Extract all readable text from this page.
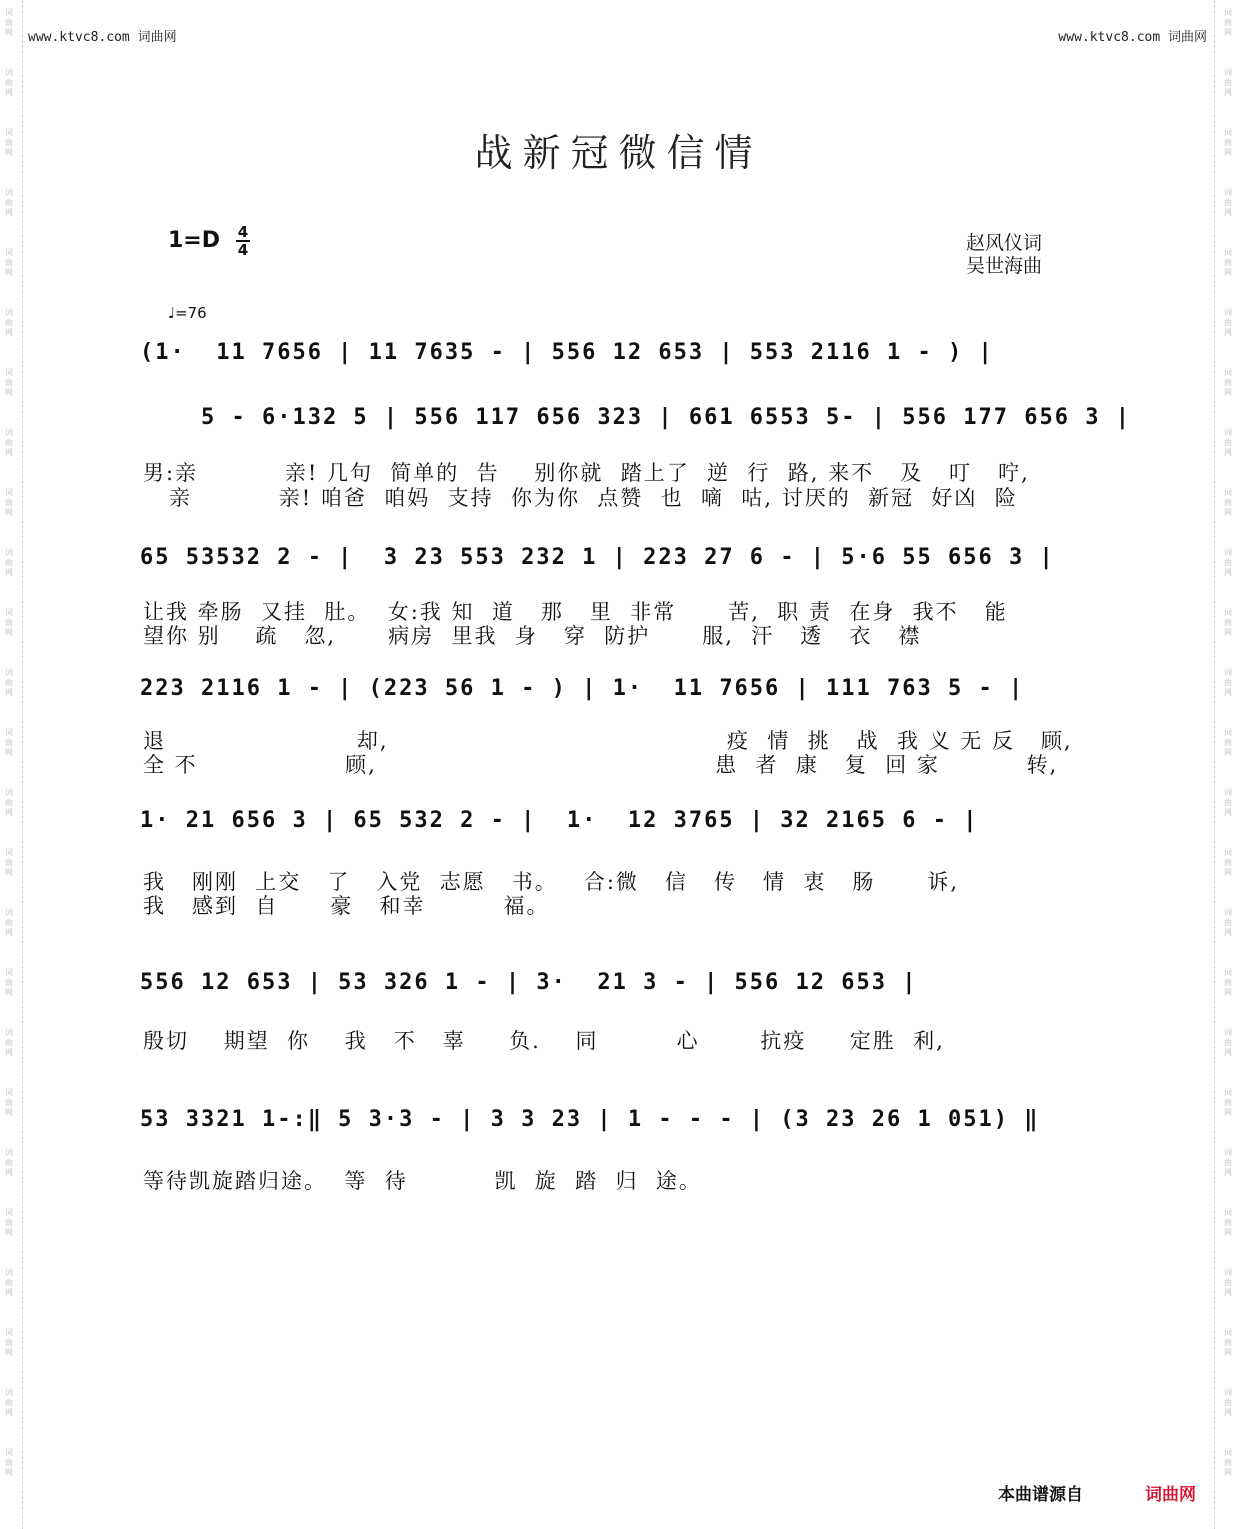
词
曲
网
词
曲
网
词
曲
网
词
曲
网
词
曲
网
词
曲
网
词
曲
网
词
曲
网
词
曲
网
词
曲
网
词
曲
网
词
曲
网
词
曲
网
词
曲
网
词
曲
网
词
曲
网
词
曲
网
词
曲
网
词
曲
网
词
曲
网
词
曲
网
词
曲
网
词
曲
网
词
曲
网
词
曲
网
词
曲
网
词
曲
网
词
曲
网
词
曲
网
词
曲
网
词
曲
网
词
曲
网
词
曲
网
词
曲
网
词
曲
网
词
曲
网
词
曲
网
词
曲
网
词
曲
网
词
曲
网
词
曲
网
词
曲
网
词
曲
网
词
曲
网
词
曲
网
词
曲
网
词
曲
网
词
曲
网
词
曲
网
词
曲
网
www.ktvc8.com 词曲网	www.ktvc8.com 词曲网
战新冠微信情
1=D 4
4	赵风仪词
吴世海曲
♩=76
(1·  11 7656 | 11 7635 - | 556 12 653 | 553 2116 1 - ) |
5 - 6·132 5 | 556 117 656 323 | 661 6553 5- | 556 177 656 3 |
男:亲          亲! 几句  简单的  告    别你就  踏上了  逆  行  路, 来不   及   叮   咛,
亲          亲! 咱爸  咱妈  支持  你为你  点赞  也  嘀  咕, 讨厌的  新冠  好凶  险
65 53532 2 - |  3 23 553 232 1 | 223 27 6 - | 5·6 55 656 3 |
让我 牵肠  又挂  肚。  女:我 知  道   那   里  非常      苦,  职 责  在身  我不   能
望你 别    疏   忽,      病房  里我  身   穿  防护      服,  汗   透   衣   襟
223 2116 1 - | (223 56 1 - ) | 1·  11 7656 | 111 763 5 - |
退                      却,                                       疫  情  挑   战  我 义 无 反   顾,
全 不                 顾,                                       患  者  康   复  回 家          转,
1· 21 656 3 | 65 532 2 - |  1·  12 3765 | 32 2165 6 - |
我   刚刚  上交   了   入党  志愿   书。   合:微   信   传   情  衷   肠      诉,
我   感到  自      豪   和幸         福。
556 12 653 | 53 326 1 - | 3·  21 3 - | 556 12 653 |
殷切    期望  你    我   不   辜     负.    同         心       抗疫     定胜  利,
53 3321 1-:‖ 5 3·3 - | 3 3 23 | 1 - - - | (3 23 26 1 051) ‖
等待凯旋踏归途。  等  待          凯  旋  踏  归  途。
本曲谱源自	词曲网
